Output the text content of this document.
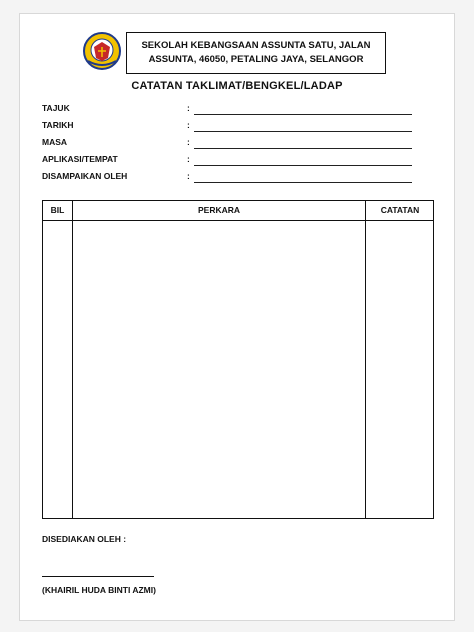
SEKOLAH KEBANGSAAN ASSUNTA SATU, JALAN
ASSUNTA, 46050, PETALING JAYA, SELANGOR
CATATAN TAKLIMAT/BENGKEL/LADAP
TAJUK	:
TARIKH	:
MASA	:
APLIKASI/TEMPAT	:
DISAMPAIKAN OLEH	:
BIL	PERKARA	CATATAN
DISEDIAKAN OLEH :
(KHAIRIL HUDA BINTI AZMI)
